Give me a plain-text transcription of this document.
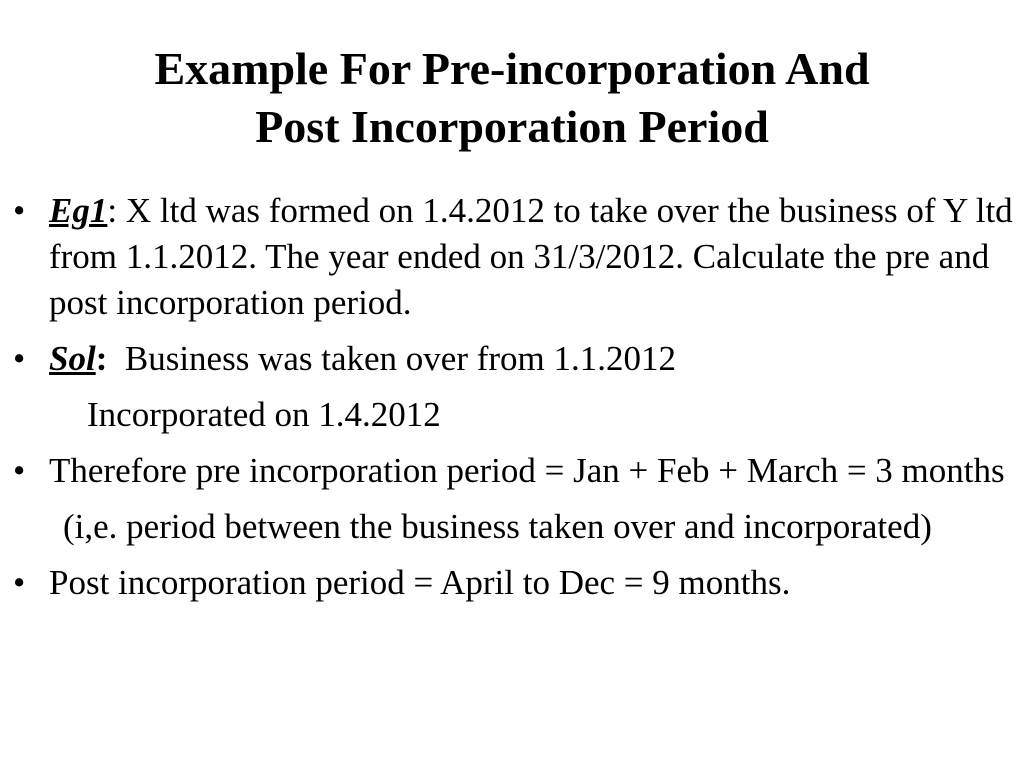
Example For Pre-incorporation And
Post Incorporation Period
• Eg1: X ltd was formed on 1.4.2012 to take over the business of Y ltd from 1.1.2012. The year ended on 31/3/2012. Calculate the pre and post incorporation period.
• Sol: Business was taken over from 1.1.2012
Incorporated on 1.4.2012
• Therefore pre incorporation period = Jan + Feb + March = 3 months
(i,e. period between the business taken over and incorporated)
• Post incorporation period = April to Dec = 9 months.
